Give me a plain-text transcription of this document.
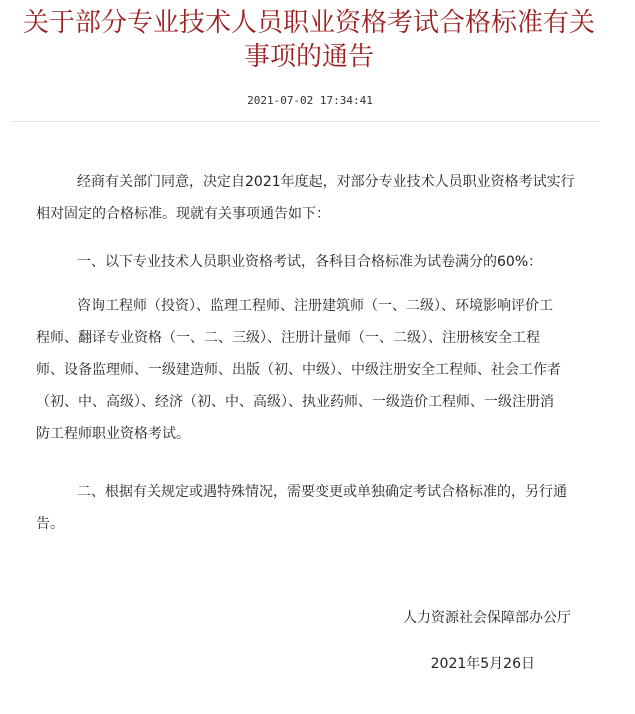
关于部分专业技术人员职业资格考试合格标准有关
事项的通告
2021-07-02 17:34:41
经商有关部门同意，决定自2021年度起，对部分专业技术人员职业资格考试实行
相对固定的合格标准。现就有关事项通告如下：
一、以下专业技术人员职业资格考试，各科目合格标准为试卷满分的60%：
咨询工程师（投资）、监理工程师、注册建筑师（一、二级）、环境影响评价工
程师、翻译专业资格（一、二、三级）、注册计量师（一、二级）、注册核安全工程
师、设备监理师、一级建造师、出版（初、中级）、中级注册安全工程师、社会工作者
（初、中、高级）、经济（初、中、高级）、执业药师、一级造价工程师、一级注册消
防工程师职业资格考试。
二、根据有关规定或遇特殊情况，需要变更或单独确定考试合格标准的，另行通
告。
人力资源社会保障部办公厅
2021年5月26日
